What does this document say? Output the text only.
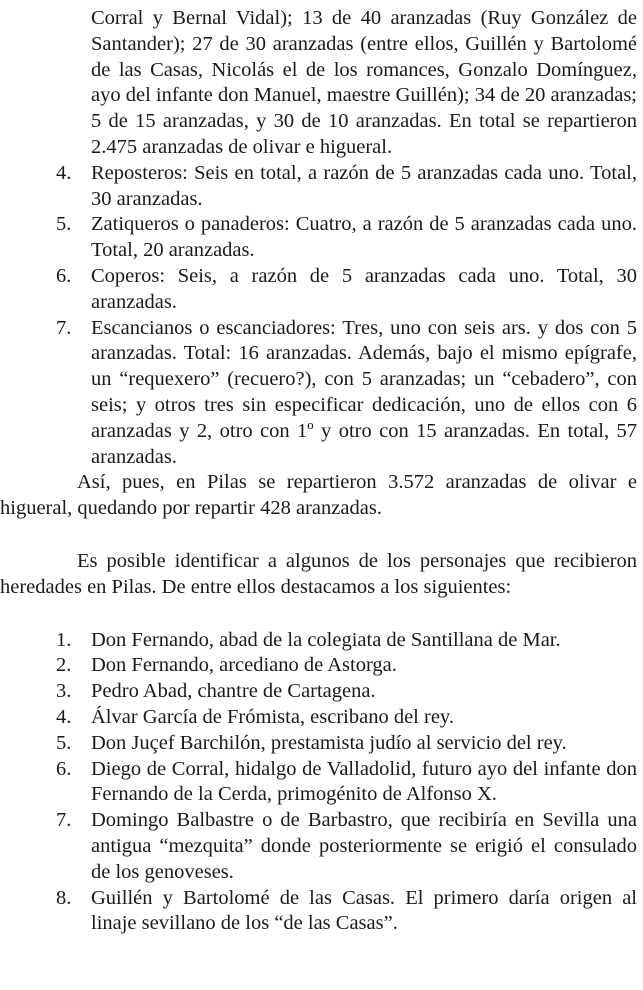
Corral y Bernal Vidal); 13 de 40 aranzadas (Ruy González de Santander); 27 de 30 aranzadas (entre ellos, Guillén y Bartolomé de las Casas, Nicolás el de los romances, Gonzalo Domínguez, ayo del infante don Manuel, maestre Guillén); 34 de 20 aranzadas; 5 de 15 aranzadas, y 30 de 10 aranzadas. En total se repartieron 2.475 aranzadas de olivar e higueral.
4. Reposteros: Seis en total, a razón de 5 aranzadas cada uno. Total, 30 aranzadas.
5. Zatiqueros o panaderos: Cuatro, a razón de 5 aranzadas cada uno. Total, 20 aranzadas.
6. Coperos: Seis, a razón de 5 aranzadas cada uno. Total, 30 aranzadas.
7. Escancianos o escanciadores: Tres, uno con seis ars. y dos con 5 aranzadas. Total: 16 aranzadas. Además, bajo el mismo epígrafe, un “requexero” (recuero?), con 5 aranzadas; un “cebadero”, con seis; y otros tres sin especificar dedicación, uno de ellos con 6 aranzadas y 2, otro con 1º y otro con 15 aranzadas. En total, 57 aranzadas.
Así, pues, en Pilas se repartieron 3.572 aranzadas de olivar e higueral, quedando por repartir 428 aranzadas.
Es posible identificar a algunos de los personajes que recibieron heredades en Pilas. De entre ellos destacamos a los siguientes:
1. Don Fernando, abad de la colegiata de Santillana de Mar.
2. Don Fernando, arcediano de Astorga.
3. Pedro Abad, chantre de Cartagena.
4. Álvar García de Frómista, escribano del rey.
5. Don Juçef Barchilón, prestamista judío al servicio del rey.
6. Diego de Corral, hidalgo de Valladolid, futuro ayo del infante don Fernando de la Cerda, primogénito de Alfonso X.
7. Domingo Balbastre o de Barbastro, que recibiría en Sevilla una antigua “mezquita” donde posteriormente se erigió el consulado de los genoveses.
8. Guillén y Bartolomé de las Casas. El primero daría origen al linaje sevillano de los “de las Casas”.
